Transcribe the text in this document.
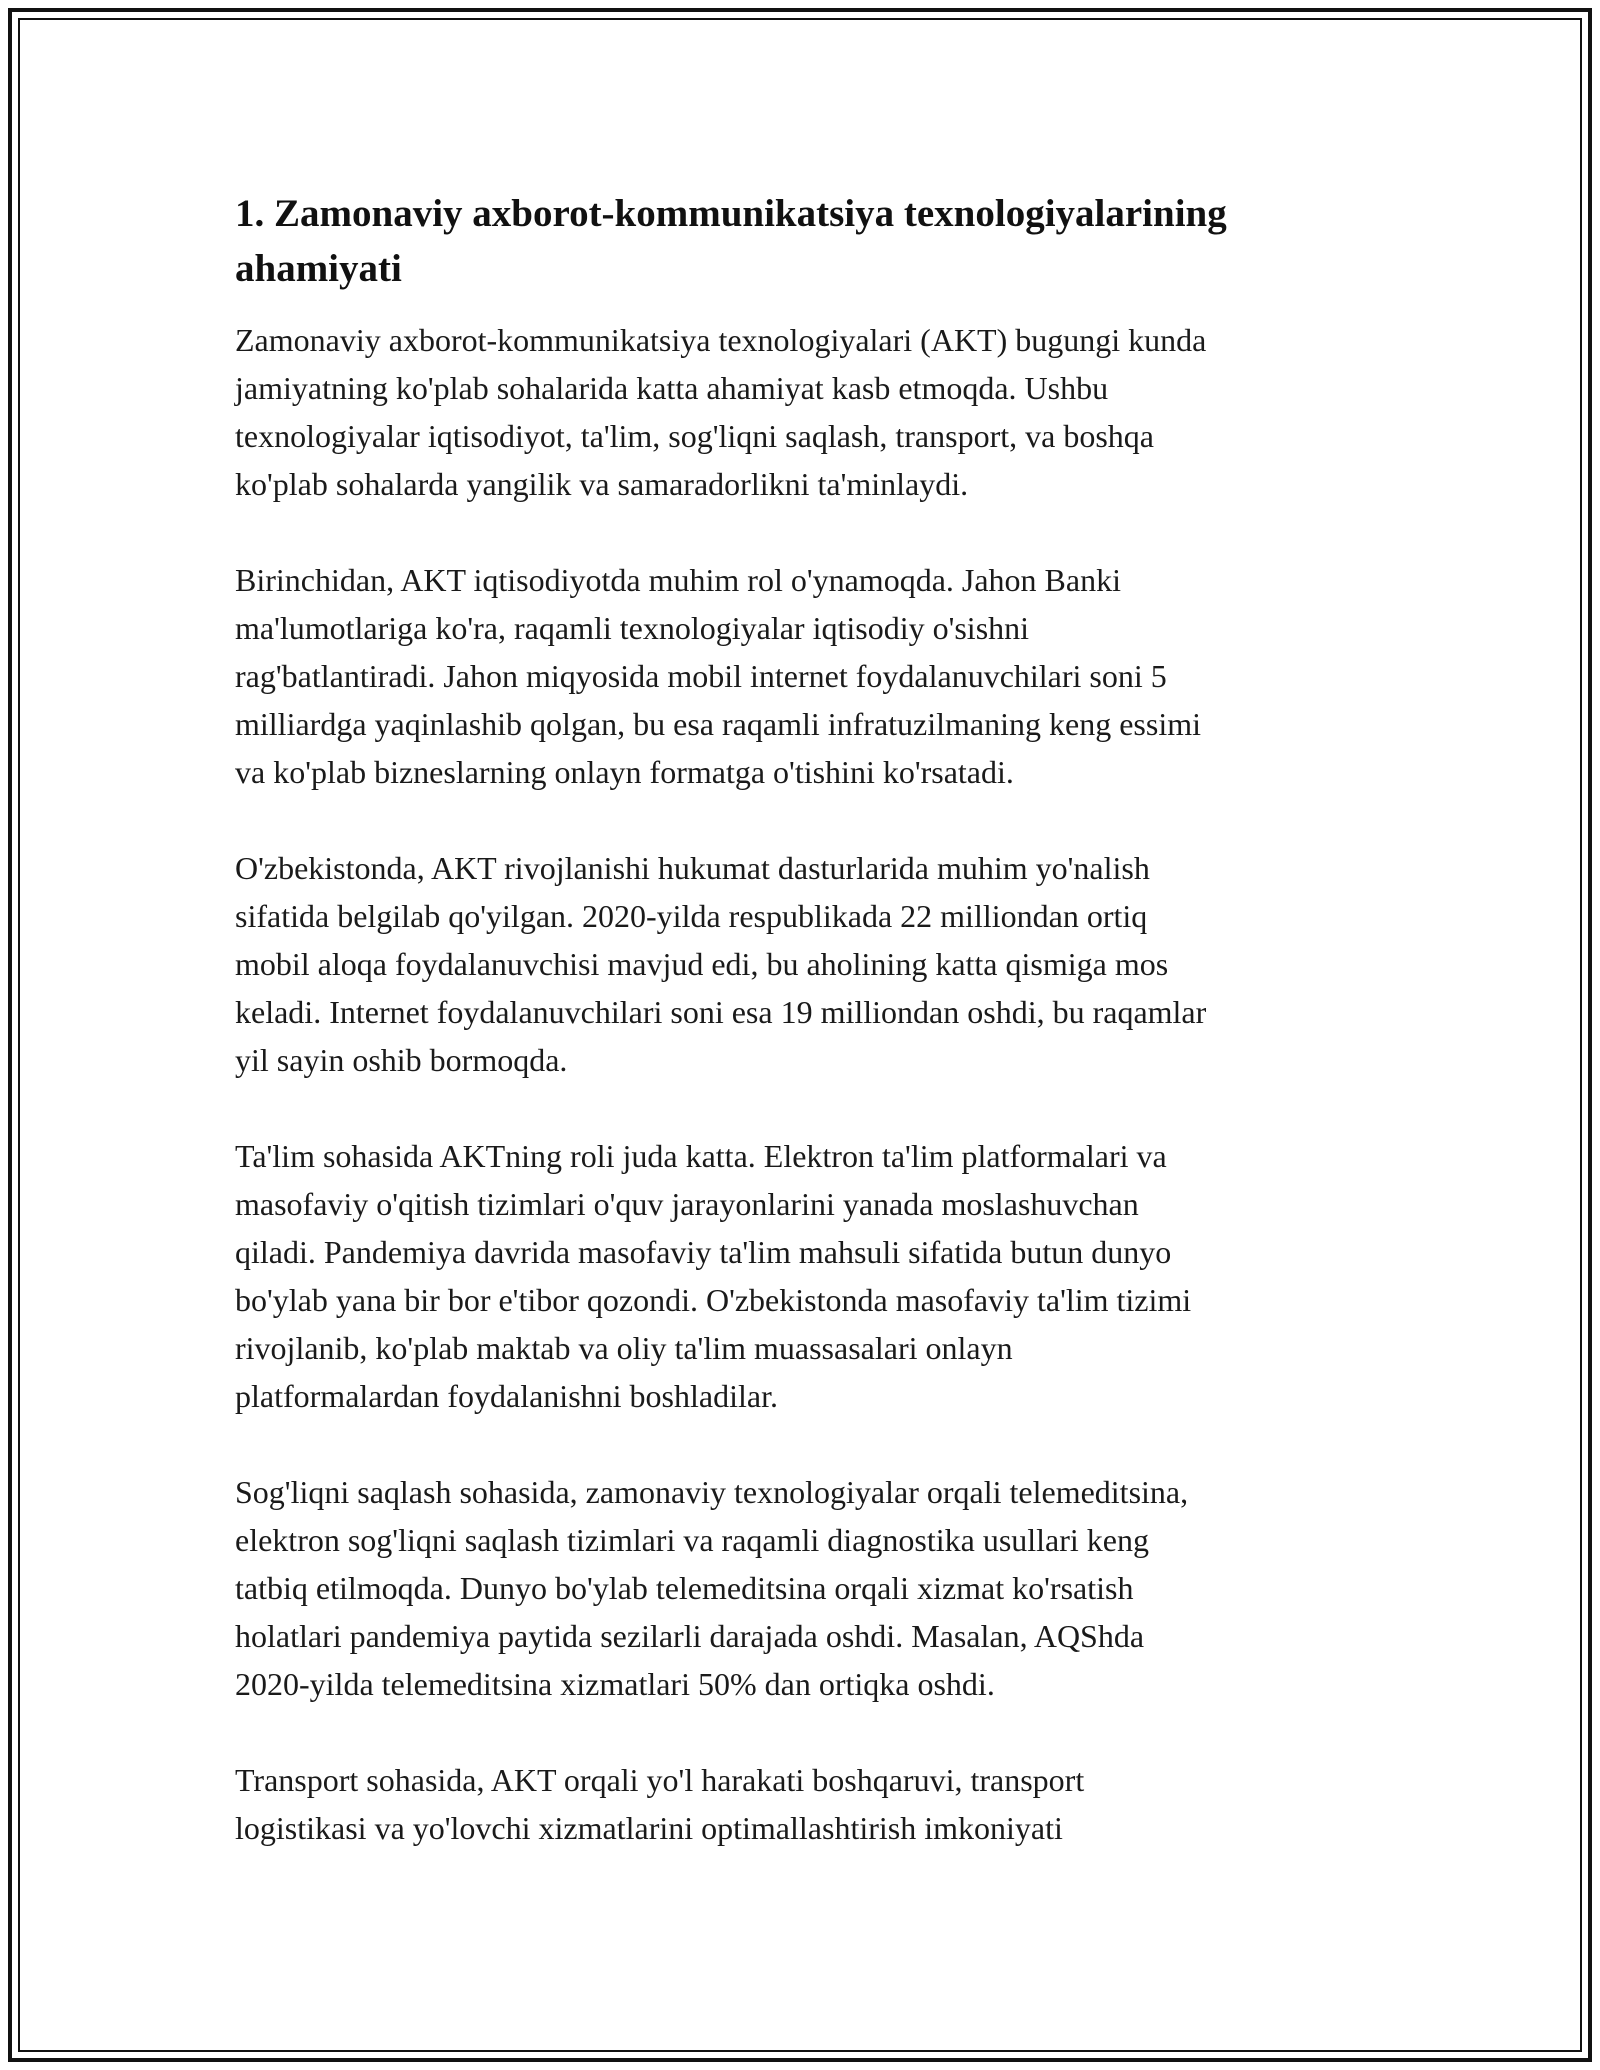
1. Zamonaviy axborot-kommunikatsiya texnologiyalarining
ahamiyati

Zamonaviy axborot-kommunikatsiya texnologiyalari (AKT) bugungi kunda
jamiyatning ko'plab sohalarida katta ahamiyat kasb etmoqda. Ushbu
texnologiyalar iqtisodiyot, ta'lim, sog'liqni saqlash, transport, va boshqa
ko'plab sohalarda yangilik va samaradorlikni ta'minlaydi.

Birinchidan, AKT iqtisodiyotda muhim rol o'ynamoqda. Jahon Banki
ma'lumotlariga ko'ra, raqamli texnologiyalar iqtisodiy o'sishni
rag'batlantiradi. Jahon miqyosida mobil internet foydalanuvchilari soni 5
milliardga yaqinlashib qolgan, bu esa raqamli infratuzilmaning keng essimi
va ko'plab bizneslarning onlayn formatga o'tishini ko'rsatadi.

O'zbekistonda, AKT rivojlanishi hukumat dasturlarida muhim yo'nalish
sifatida belgilab qo'yilgan. 2020-yilda respublikada 22 milliondan ortiq
mobil aloqa foydalanuvchisi mavjud edi, bu aholining katta qismiga mos
keladi. Internet foydalanuvchilari soni esa 19 milliondan oshdi, bu raqamlar
yil sayin oshib bormoqda.

Ta'lim sohasida AKTning roli juda katta. Elektron ta'lim platformalari va
masofaviy o'qitish tizimlari o'quv jarayonlarini yanada moslashuvchan
qiladi. Pandemiya davrida masofaviy ta'lim mahsuli sifatida butun dunyo
bo'ylab yana bir bor e'tibor qozondi. O'zbekistonda masofaviy ta'lim tizimi
rivojlanib, ko'plab maktab va oliy ta'lim muassasalari onlayn
platformalardan foydalanishni boshladilar.

Sog'liqni saqlash sohasida, zamonaviy texnologiyalar orqali telemeditsina,
elektron sog'liqni saqlash tizimlari va raqamli diagnostika usullari keng
tatbiq etilmoqda. Dunyo bo'ylab telemeditsina orqali xizmat ko'rsatish
holatlari pandemiya paytida sezilarli darajada oshdi. Masalan, AQShda
2020-yilda telemeditsina xizmatlari 50% dan ortiqka oshdi.

Transport sohasida, AKT orqali yo'l harakati boshqaruvi, transport
logistikasi va yo'lovchi xizmatlarini optimallashtirish imkoniyati
